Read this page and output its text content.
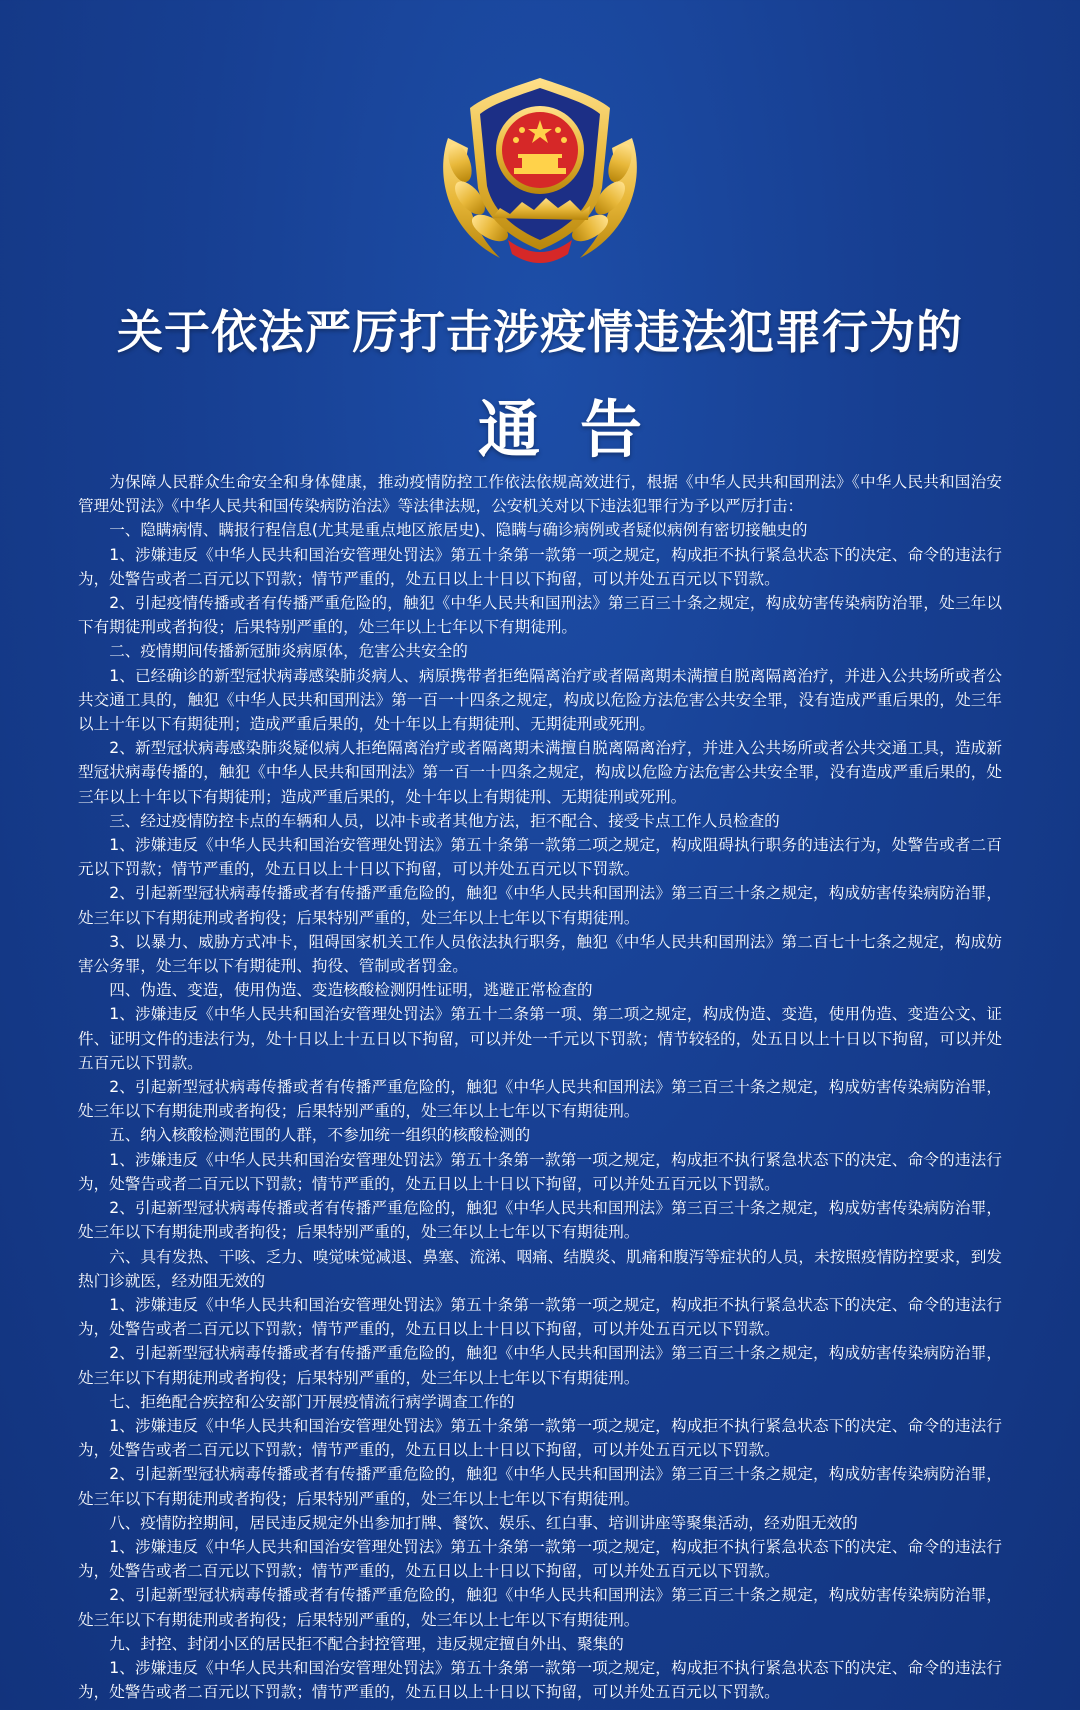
关于依法严厉打击涉疫情违法犯罪行为的
通告

为保障人民群众生命安全和身体健康，推动疫情防控工作依法依规高效进行，根据《中华人民共和国刑法》《中华人民共和国治安管理处罚法》《中华人民共和国传染病防治法》等法律法规，公安机关对以下违法犯罪行为予以严厉打击：

一、隐瞒病情、瞒报行程信息(尤其是重点地区旅居史)、隐瞒与确诊病例或者疑似病例有密切接触史的

1、涉嫌违反《中华人民共和国治安管理处罚法》第五十条第一款第一项之规定，构成拒不执行紧急状态下的决定、命令的违法行为，处警告或者二百元以下罚款；情节严重的，处五日以上十日以下拘留，可以并处五百元以下罚款。

2、引起疫情传播或者有传播严重危险的，触犯《中华人民共和国刑法》第三百三十条之规定，构成妨害传染病防治罪，处三年以下有期徒刑或者拘役；后果特别严重的，处三年以上七年以下有期徒刑。

二、疫情期间传播新冠肺炎病原体，危害公共安全的

1、已经确诊的新型冠状病毒感染肺炎病人、病原携带者拒绝隔离治疗或者隔离期未满擅自脱离隔离治疗，并进入公共场所或者公共交通工具的，触犯《中华人民共和国刑法》第一百一十四条之规定，构成以危险方法危害公共安全罪，没有造成严重后果的，处三年以上十年以下有期徒刑；造成严重后果的，处十年以上有期徒刑、无期徒刑或死刑。

2、新型冠状病毒感染肺炎疑似病人拒绝隔离治疗或者隔离期未满擅自脱离隔离治疗，并进入公共场所或者公共交通工具，造成新型冠状病毒传播的，触犯《中华人民共和国刑法》第一百一十四条之规定，构成以危险方法危害公共安全罪，没有造成严重后果的，处三年以上十年以下有期徒刑；造成严重后果的，处十年以上有期徒刑、无期徒刑或死刑。

三、经过疫情防控卡点的车辆和人员，以冲卡或者其他方法，拒不配合、接受卡点工作人员检查的

1、涉嫌违反《中华人民共和国治安管理处罚法》第五十条第一款第二项之规定，构成阻碍执行职务的违法行为，处警告或者二百元以下罚款；情节严重的，处五日以上十日以下拘留，可以并处五百元以下罚款。

2、引起新型冠状病毒传播或者有传播严重危险的，触犯《中华人民共和国刑法》第三百三十条之规定，构成妨害传染病防治罪，处三年以下有期徒刑或者拘役；后果特别严重的，处三年以上七年以下有期徒刑。

3、以暴力、威胁方式冲卡，阻碍国家机关工作人员依法执行职务，触犯《中华人民共和国刑法》第二百七十七条之规定，构成妨害公务罪，处三年以下有期徒刑、拘役、管制或者罚金。

四、伪造、变造，使用伪造、变造核酸检测阴性证明，逃避正常检查的

1、涉嫌违反《中华人民共和国治安管理处罚法》第五十二条第一项、第二项之规定，构成伪造、变造，使用伪造、变造公文、证件、证明文件的违法行为，处十日以上十五日以下拘留，可以并处一千元以下罚款；情节较轻的，处五日以上十日以下拘留，可以并处五百元以下罚款。

2、引起新型冠状病毒传播或者有传播严重危险的，触犯《中华人民共和国刑法》第三百三十条之规定，构成妨害传染病防治罪，处三年以下有期徒刑或者拘役；后果特别严重的，处三年以上七年以下有期徒刑。

五、纳入核酸检测范围的人群，不参加统一组织的核酸检测的

1、涉嫌违反《中华人民共和国治安管理处罚法》第五十条第一款第一项之规定，构成拒不执行紧急状态下的决定、命令的违法行为，处警告或者二百元以下罚款；情节严重的，处五日以上十日以下拘留，可以并处五百元以下罚款。

2、引起新型冠状病毒传播或者有传播严重危险的，触犯《中华人民共和国刑法》第三百三十条之规定，构成妨害传染病防治罪，处三年以下有期徒刑或者拘役；后果特别严重的，处三年以上七年以下有期徒刑。

六、具有发热、干咳、乏力、嗅觉味觉减退、鼻塞、流涕、咽痛、结膜炎、肌痛和腹泻等症状的人员，未按照疫情防控要求，到发热门诊就医，经劝阻无效的

1、涉嫌违反《中华人民共和国治安管理处罚法》第五十条第一款第一项之规定，构成拒不执行紧急状态下的决定、命令的违法行为，处警告或者二百元以下罚款；情节严重的，处五日以上十日以下拘留，可以并处五百元以下罚款。

2、引起新型冠状病毒传播或者有传播严重危险的，触犯《中华人民共和国刑法》第三百三十条之规定，构成妨害传染病防治罪，处三年以下有期徒刑或者拘役；后果特别严重的，处三年以上七年以下有期徒刑。

七、拒绝配合疾控和公安部门开展疫情流行病学调查工作的

1、涉嫌违反《中华人民共和国治安管理处罚法》第五十条第一款第一项之规定，构成拒不执行紧急状态下的决定、命令的违法行为，处警告或者二百元以下罚款；情节严重的，处五日以上十日以下拘留，可以并处五百元以下罚款。

2、引起新型冠状病毒传播或者有传播严重危险的，触犯《中华人民共和国刑法》第三百三十条之规定，构成妨害传染病防治罪，处三年以下有期徒刑或者拘役；后果特别严重的，处三年以上七年以下有期徒刑。

八、疫情防控期间，居民违反规定外出参加打牌、餐饮、娱乐、红白事、培训讲座等聚集活动，经劝阻无效的

1、涉嫌违反《中华人民共和国治安管理处罚法》第五十条第一款第一项之规定，构成拒不执行紧急状态下的决定、命令的违法行为，处警告或者二百元以下罚款；情节严重的，处五日以上十日以下拘留，可以并处五百元以下罚款。

2、引起新型冠状病毒传播或者有传播严重危险的，触犯《中华人民共和国刑法》第三百三十条之规定，构成妨害传染病防治罪，处三年以下有期徒刑或者拘役；后果特别严重的，处三年以上七年以下有期徒刑。

九、封控、封闭小区的居民拒不配合封控管理，违反规定擅自外出、聚集的

1、涉嫌违反《中华人民共和国治安管理处罚法》第五十条第一款第一项之规定，构成拒不执行紧急状态下的决定、命令的违法行为，处警告或者二百元以下罚款；情节严重的，处五日以上十日以下拘留，可以并处五百元以下罚款。
